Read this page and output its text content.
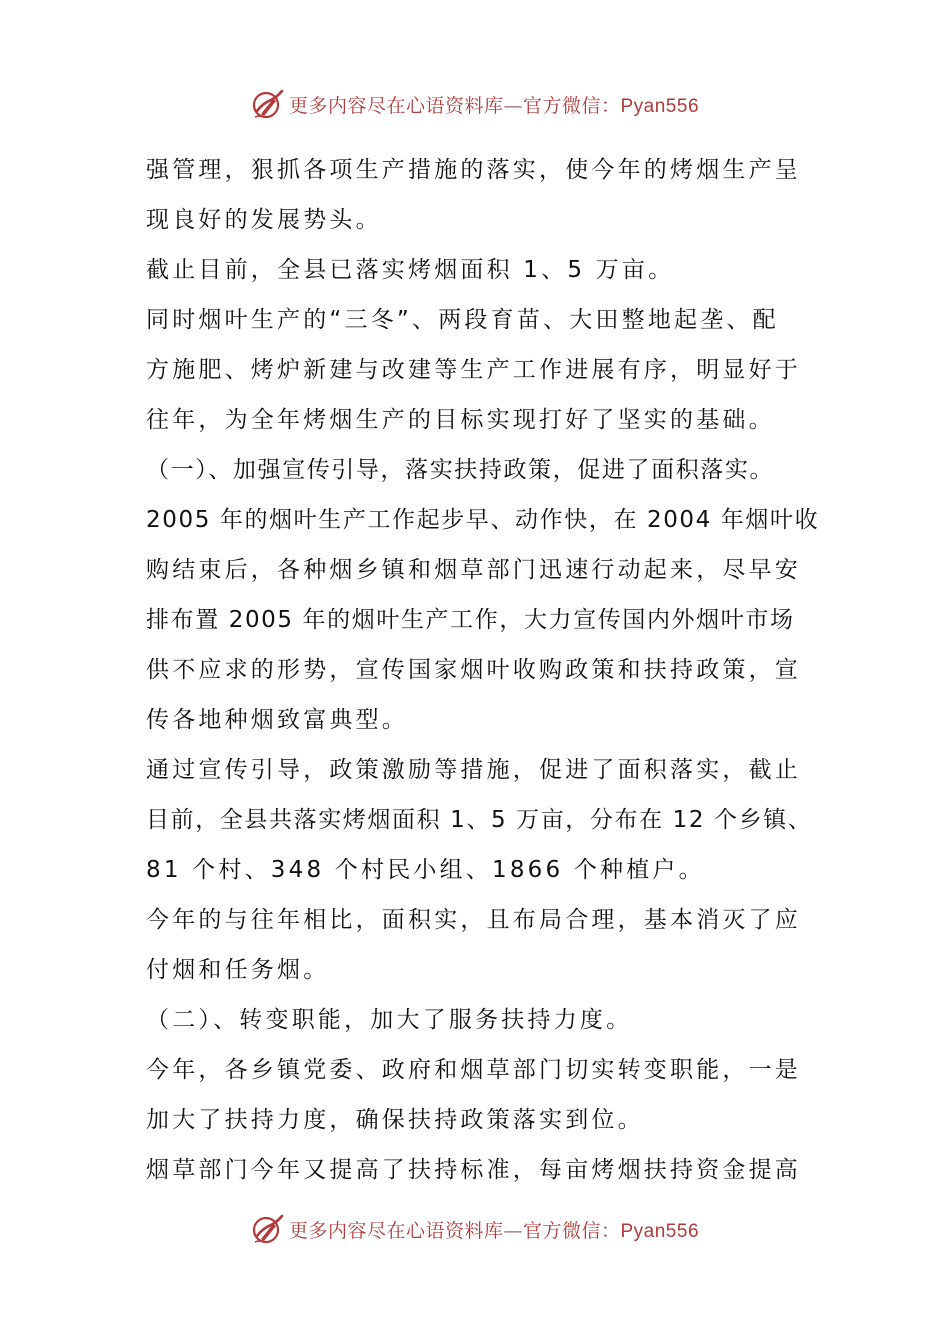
更多内容尽在心语资料库—官方微信：Pyan556
强管理，狠抓各项生产措施的落实，使今年的烤烟生产呈
现良好的发展势头。
截止目前，全县已落实烤烟面积 1、5 万亩。
同时烟叶生产的“三冬”、两段育苗、大田整地起垄、配
方施肥、烤炉新建与改建等生产工作进展有序，明显好于
往年，为全年烤烟生产的目标实现打好了坚实的基础。
（一）、加强宣传引导，落实扶持政策，促进了面积落实。
2005 年的烟叶生产工作起步早、动作快，在 2004 年烟叶收
购结束后，各种烟乡镇和烟草部门迅速行动起来，尽早安
排布置 2005 年的烟叶生产工作，大力宣传国内外烟叶市场
供不应求的形势，宣传国家烟叶收购政策和扶持政策，宣
传各地种烟致富典型。
通过宣传引导，政策激励等措施，促进了面积落实，截止
目前，全县共落实烤烟面积 1、5 万亩，分布在 12 个乡镇、
81 个村、348 个村民小组、1866 个种植户。
今年的与往年相比，面积实，且布局合理，基本消灭了应
付烟和任务烟。
（二）、转变职能，加大了服务扶持力度。
今年，各乡镇党委、政府和烟草部门切实转变职能，一是
加大了扶持力度，确保扶持政策落实到位。
烟草部门今年又提高了扶持标准，每亩烤烟扶持资金提高
更多内容尽在心语资料库—官方微信：Pyan556
